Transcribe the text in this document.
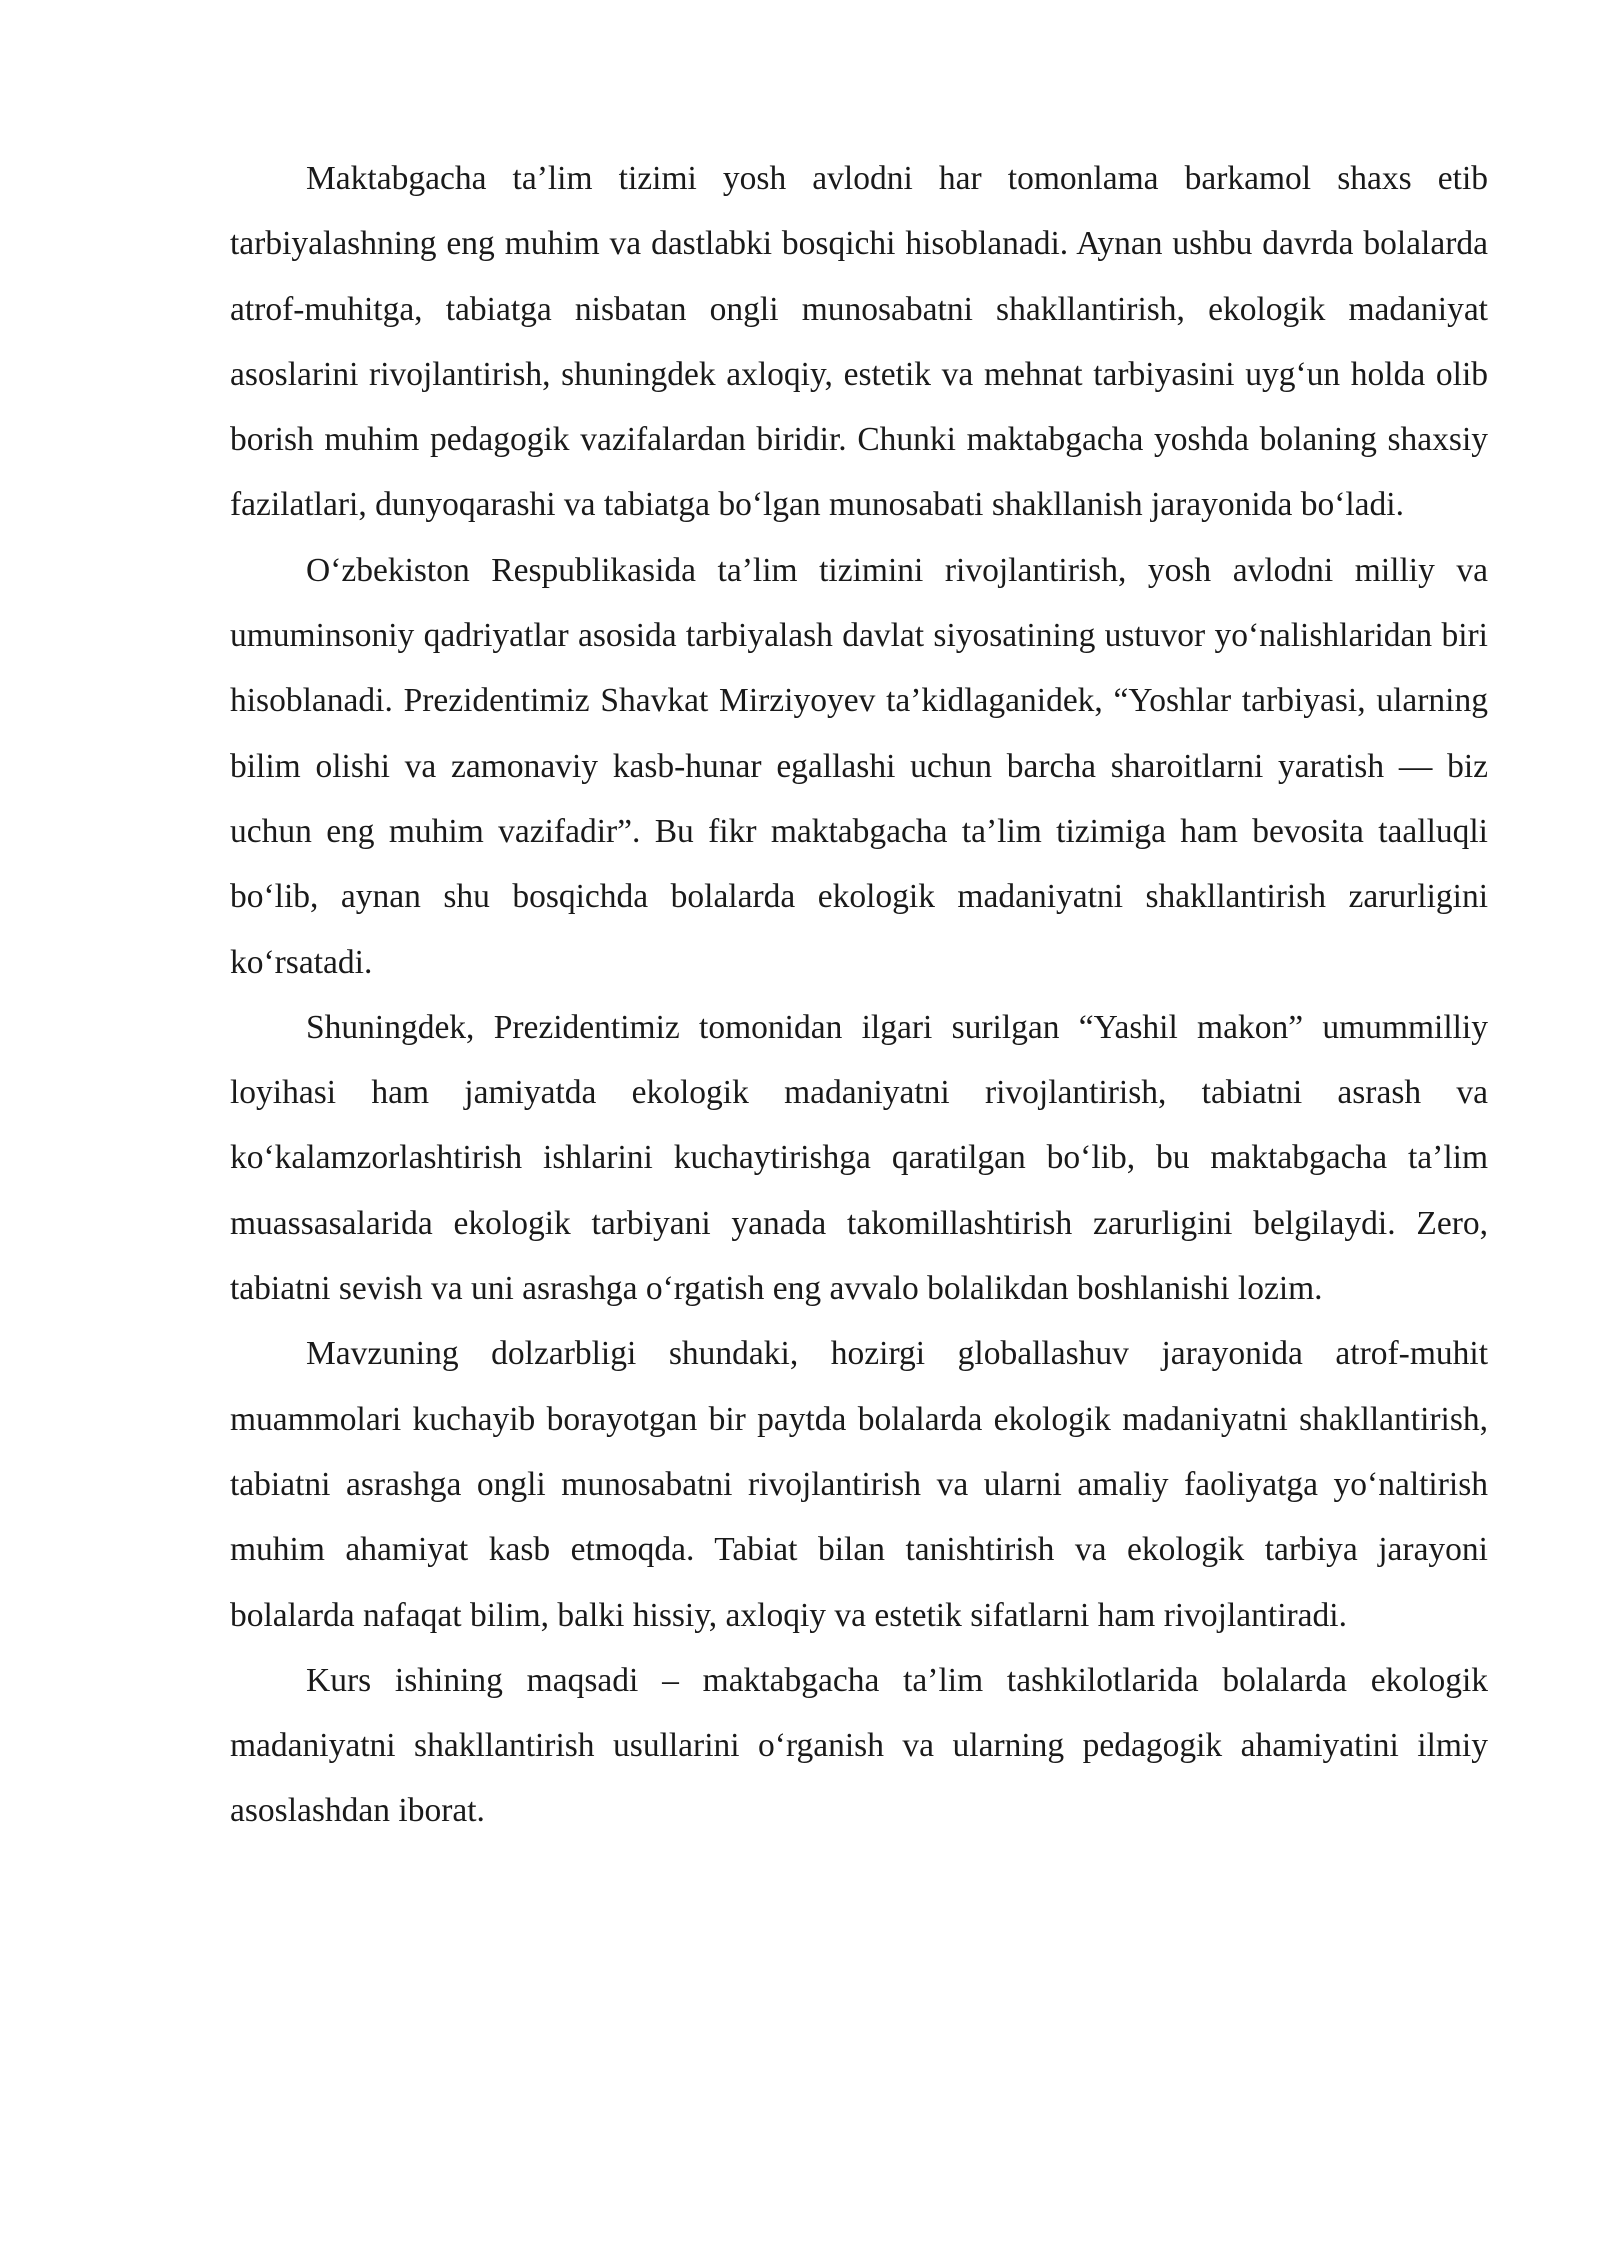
Maktabgacha ta’lim tizimi yosh avlodni har tomonlama barkamol shaxs etib tarbiyalashning eng muhim va dastlabki bosqichi hisoblanadi. Aynan ushbu davrda bolalarda atrof-muhitga, tabiatga nisbatan ongli munosabatni shakllantirish, ekologik madaniyat asoslarini rivojlantirish, shuningdek axloqiy, estetik va mehnat tarbiyasini uyg‘un holda olib borish muhim pedagogik vazifalardan biridir. Chunki maktabgacha yoshda bolaning shaxsiy fazilatlari, dunyoqarashi va tabiatga bo‘lgan munosabati shakllanish jarayonida bo‘ladi.

O‘zbekiston Respublikasida ta’lim tizimini rivojlantirish, yosh avlodni milliy va umuminsoniy qadriyatlar asosida tarbiyalash davlat siyosatining ustuvor yo‘nalishlaridan biri hisoblanadi. Prezidentimiz Shavkat Mirziyoyev ta’kidlaganidek, “Yoshlar tarbiyasi, ularning bilim olishi va zamonaviy kasb-hunar egallashi uchun barcha sharoitlarni yaratish — biz uchun eng muhim vazifadir”. Bu fikr maktabgacha ta’lim tizimiga ham bevosita taalluqli bo‘lib, aynan shu bosqichda bolalarda ekologik madaniyatni shakllantirish zarurligini ko‘rsatadi.

Shuningdek, Prezidentimiz tomonidan ilgari surilgan “Yashil makon” umummilliy loyihasi ham jamiyatda ekologik madaniyatni rivojlantirish, tabiatni asrash va ko‘kalamzorlashtirish ishlarini kuchaytirishga qaratilgan bo‘lib, bu maktabgacha ta’lim muassasalarida ekologik tarbiyani yanada takomillashtirish zarurligini belgilaydi. Zero, tabiatni sevish va uni asrashga o‘rgatish eng avvalo bolalikdan boshlanishi lozim.

Mavzuning dolzarbligi shundaki, hozirgi globallashuv jarayonida atrof-muhit muammolari kuchayib borayotgan bir paytda bolalarda ekologik madaniyatni shakllantirish, tabiatni asrashga ongli munosabatni rivojlantirish va ularni amaliy faoliyatga yo‘naltirish muhim ahamiyat kasb etmoqda. Tabiat bilan tanishtirish va ekologik tarbiya jarayoni bolalarda nafaqat bilim, balki hissiy, axloqiy va estetik sifatlarni ham rivojlantiradi.

Kurs ishining maqsadi – maktabgacha ta’lim tashkilotlarida bolalarda ekologik madaniyatni shakllantirish usullarini o‘rganish va ularning pedagogik ahamiyatini ilmiy asoslashdan iborat.
